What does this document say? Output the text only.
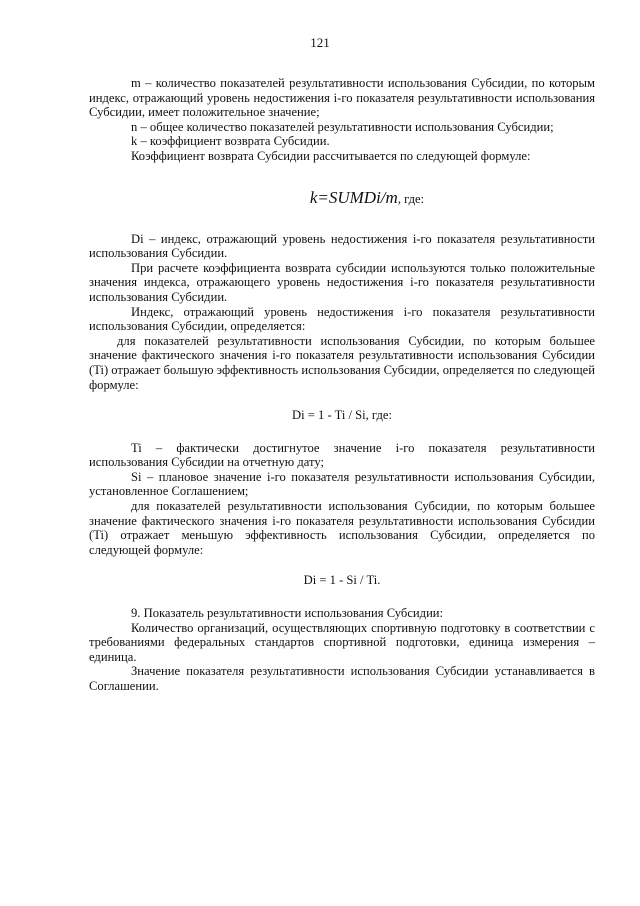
121

m – количество показателей результативности использования Субсидии, по которым индекс, отражающий уровень недостижения i-го показателя результативности использования Субсидии, имеет положительное значение;

n – общее количество показателей результативности использования Субсидии;

k – коэффициент возврата Субсидии.

Коэффициент возврата Субсидии рассчитывается по следующей формуле:

k=SUMDi/m, где:

Di – индекс, отражающий уровень недостижения i-го показателя результативности использования Субсидии.

При расчете коэффициента возврата субсидии используются только положительные значения индекса, отражающего уровень недостижения i-го показателя результативности использования Субсидии.

Индекс, отражающий уровень недостижения i-го показателя результативности использования Субсидии, определяется:

для показателей результативности использования Субсидии, по которым большее значение фактического значения i-го показателя результативности использования Субсидии (Ti) отражает большую эффективность использования Субсидии, определяется по следующей формуле:

Di = 1 - Ti / Si, где:

Ti – фактически достигнутое значение i-го показателя результативности использования Субсидии на отчетную дату;

Si – плановое значение i-го показателя результативности использования Субсидии, установленное Соглашением;

для показателей результативности использования Субсидии, по которым большее значение фактического значения i-го показателя результативности использования Субсидии (Ti) отражает меньшую эффективность использования Субсидии, определяется по следующей формуле:

Di = 1 - Si / Ti.

9. Показатель результативности использования Субсидии:

Количество организаций, осуществляющих спортивную подготовку в соответствии с требованиями федеральных стандартов спортивной подготовки, единица измерения – единица.

Значение показателя результативности использования Субсидии устанавливается в Соглашении.
